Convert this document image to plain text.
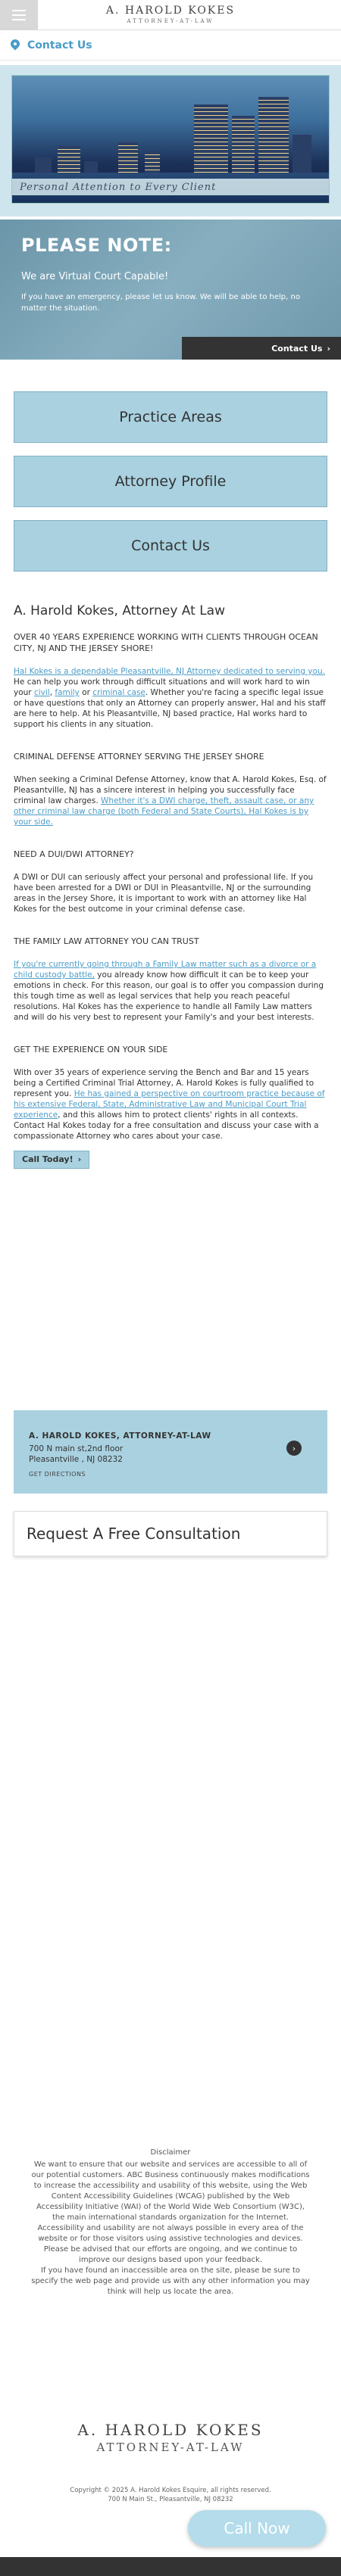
A. HAROLD KOKES
ATTORNEY-AT-LAW
Contact Us
Personal Attention to Every Client
PLEASE NOTE:
We are Virtual Court Capable!
If you have an emergency, please let us know. We will be able to help, no matter the situation.
Contact Us ›
Practice Areas
Attorney Profile
Contact Us
A. Harold Kokes, Attorney At Law
OVER 40 YEARS EXPERIENCE WORKING WITH CLIENTS THROUGH OCEAN CITY, NJ AND THE JERSEY SHORE!

Hal Kokes is a dependable Pleasantville, NJ Attorney dedicated to serving you. He can help you work through difficult situations and will work hard to win your civil, family or criminal case. Whether you're facing a specific legal issue or have questions that only an Attorney can properly answer, Hal and his staff are here to help. At his Pleasantville, NJ based practice, Hal works hard to support his clients in any situation.

CRIMINAL DEFENSE ATTORNEY SERVING THE JERSEY SHORE

When seeking a Criminal Defense Attorney, know that A. Harold Kokes, Esq. of Pleasantville, NJ has a sincere interest in helping you successfully face criminal law charges. Whether it's a DWI charge, theft, assault case, or any other criminal law charge (both Federal and State Courts), Hal Kokes is by your side.

NEED A DUI/DWI ATTORNEY?

A DWI or DUI can seriously affect your personal and professional life. If you have been arrested for a DWI or DUI in Pleasantville, NJ or the surrounding areas in the Jersey Shore, it is important to work with an attorney like Hal Kokes for the best outcome in your criminal defense case.

THE FAMILY LAW ATTORNEY YOU CAN TRUST

If you're currently going through a Family Law matter such as a divorce or a child custody battle, you already know how difficult it can be to keep your emotions in check. For this reason, our goal is to offer you compassion during this tough time as well as legal services that help you reach peaceful resolutions. Hal Kokes has the experience to handle all Family Law matters and will do his very best to represent your Family's and your best interests.

GET THE EXPERIENCE ON YOUR SIDE

With over 35 years of experience serving the Bench and Bar and 15 years being a Certified Criminal Trial Attorney, A. Harold Kokes is fully qualified to represent you. He has gained a perspective on courtroom practice because of his extensive Federal, State, Administrative Law and Municipal Court Trial experience, and this allows him to protect clients' rights in all contexts. Contact Hal Kokes today for a free consultation and discuss your case with a compassionate Attorney who cares about your case.

Call Today! ›
A. HAROLD KOKES, ATTORNEY-AT-LAW
700 N main st,2nd floor
Pleasantville , NJ 08232
GET DIRECTIONS
›
Request A Free Consultation
Disclaimer
We want to ensure that our website and services are accessible to all of our potential customers. ABC Business continuously makes modifications to increase the accessibility and usability of this website, using the Web Content Accessibility Guidelines (WCAG) published by the Web Accessibility Initiative (WAI) of the World Wide Web Consortium (W3C), the main international standards organization for the Internet.
Accessibility and usability are not always possible in every area of the website or for those visitors using assistive technologies and devices. Please be advised that our efforts are ongoing, and we continue to improve our designs based upon your feedback.
If you have found an inaccessible area on the site, please be sure to specify the web page and provide us with any other information you may think will help us locate the area.
A. HAROLD KOKES
ATTORNEY-AT-LAW
Copyright © 2025 A. Harold Kokes Esquire, all rights reserved.
700 N Main St., Pleasantville, NJ 08232
Call Now
